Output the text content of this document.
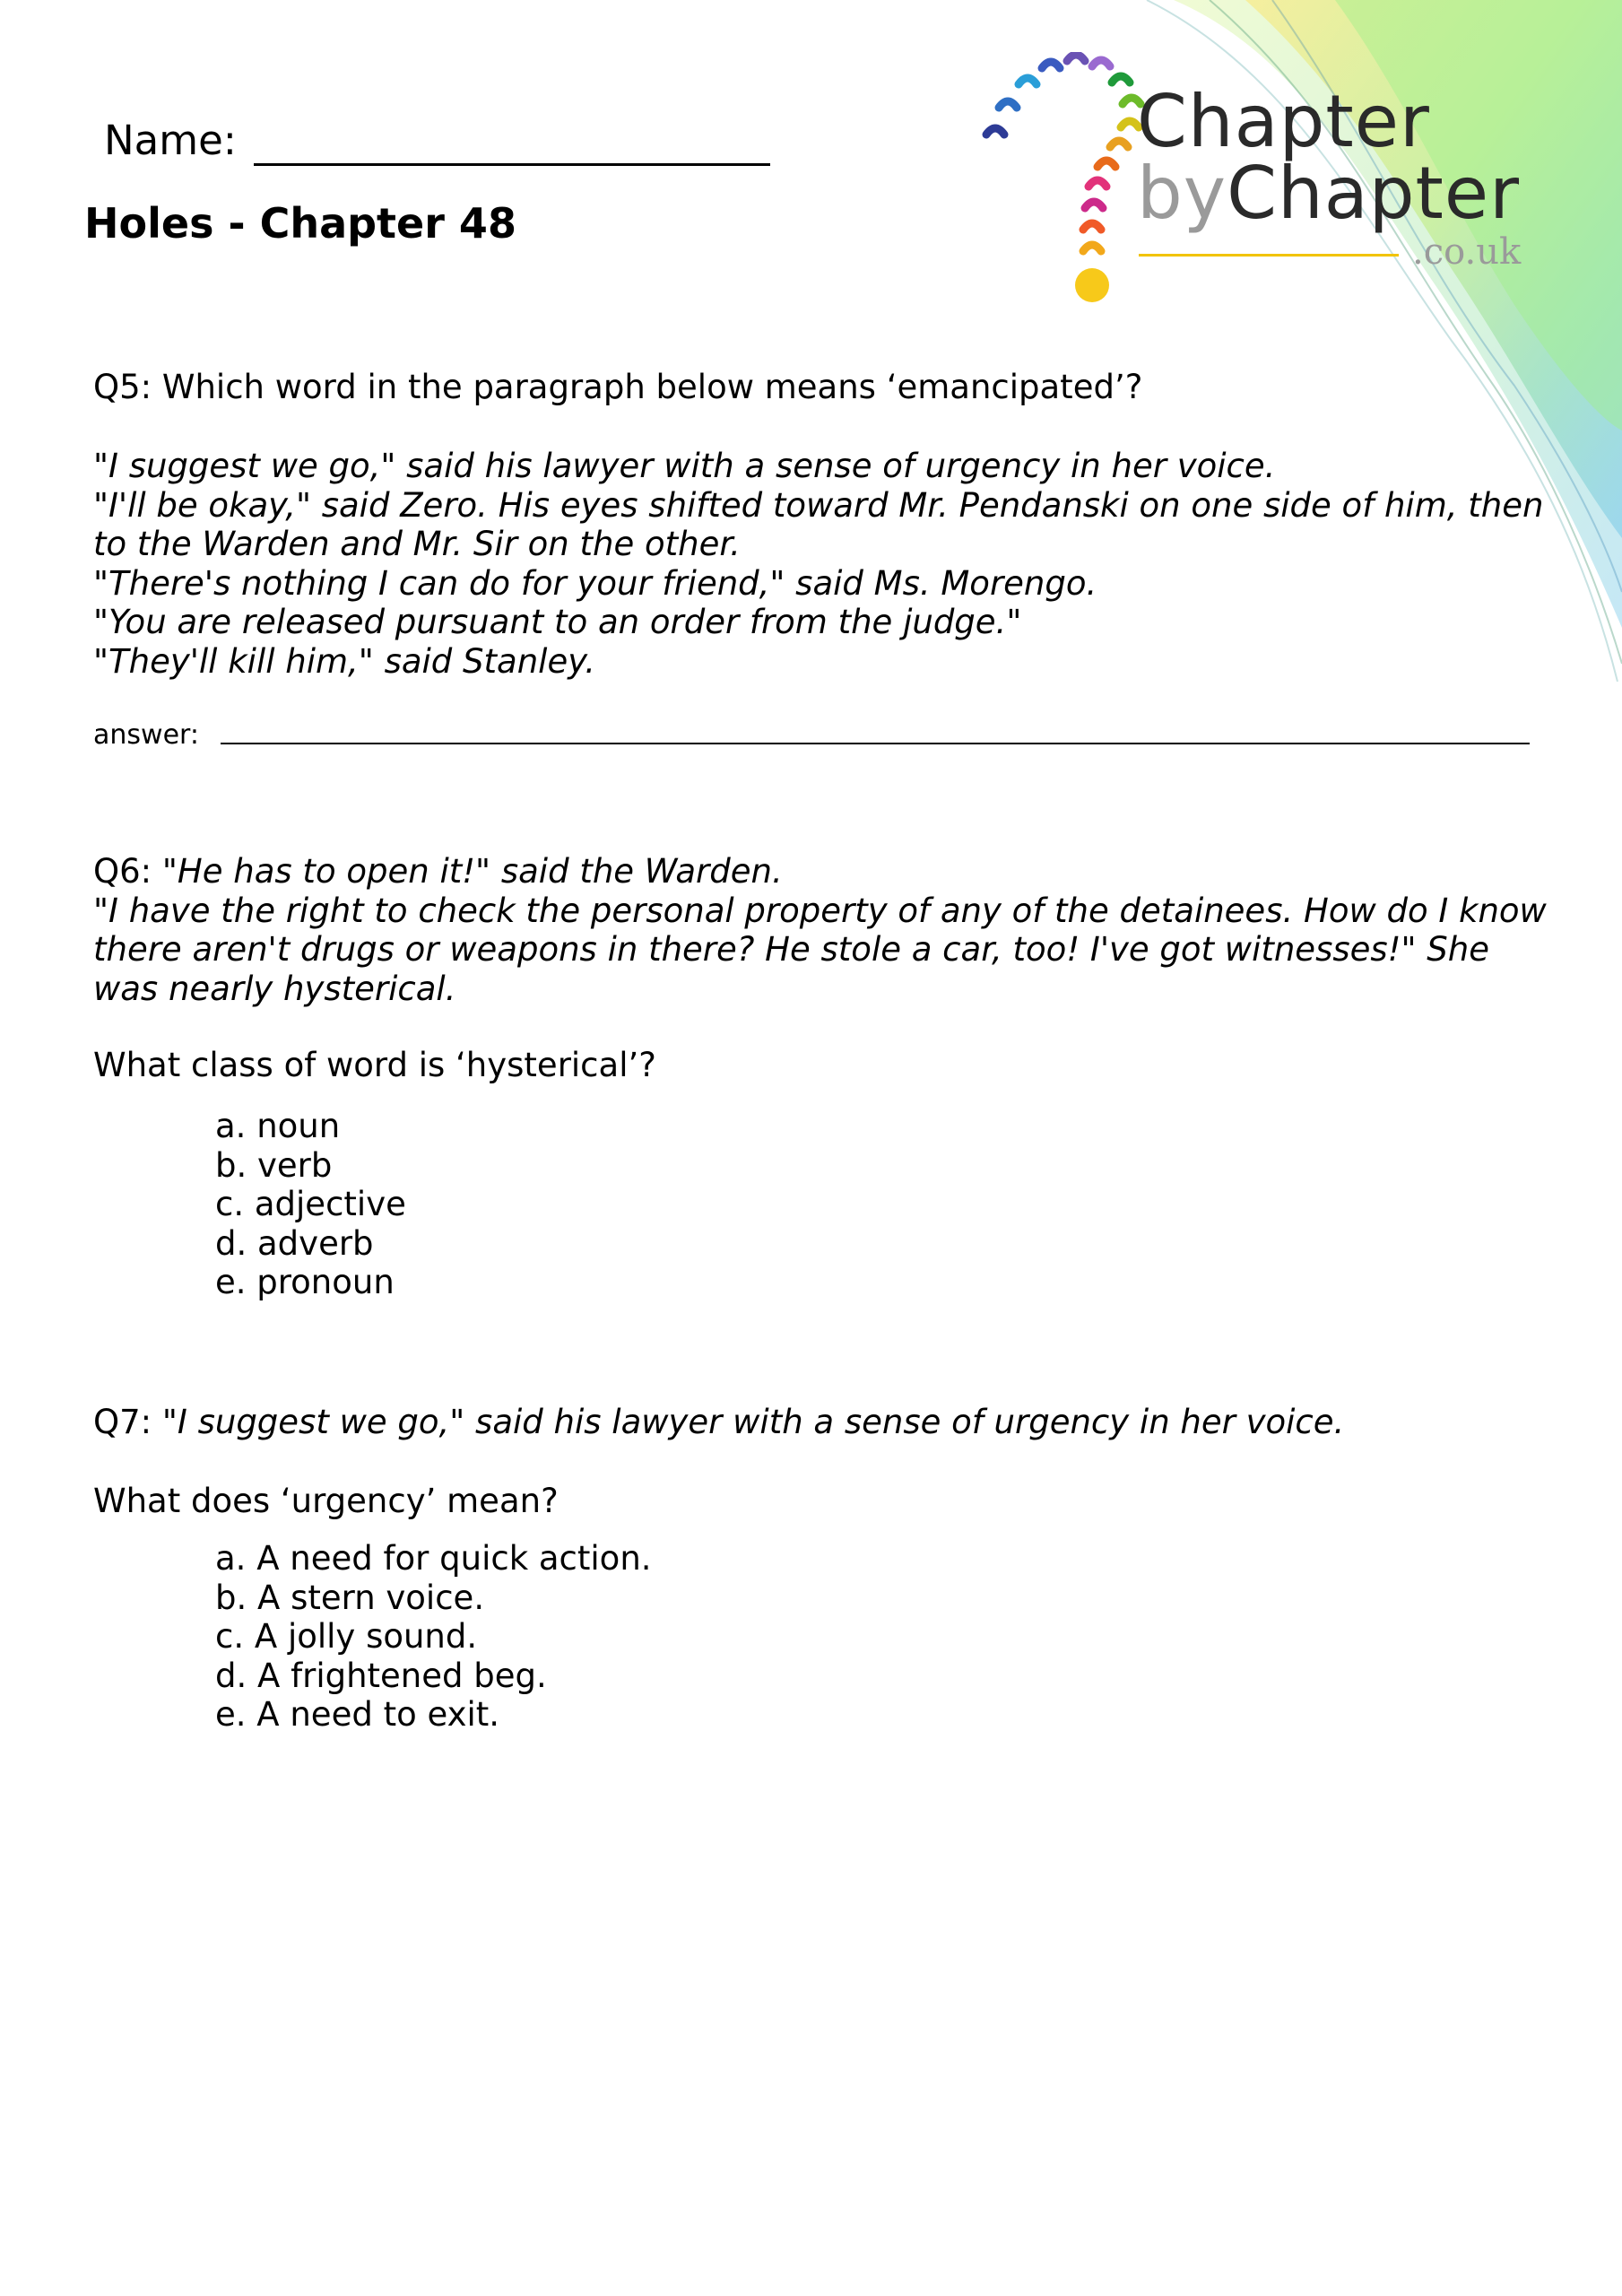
Chapter
byChapter
.co.uk
Name:
Holes - Chapter 48
Q5: Which word in the paragraph below means ‘emancipated’?
"I suggest we go," said his lawyer with a sense of urgency in her voice.
"I'll be okay," said Zero. His eyes shifted toward Mr. Pendanski on one side of him, then
to the Warden and Mr. Sir on the other.
"There's nothing I can do for your friend," said Ms. Morengo.
"You are released pursuant to an order from the judge."
"They'll kill him," said Stanley.
answer:
Q6: "He has to open it!" said the Warden.
"I have the right to check the personal property of any of the detainees. How do I know
there aren't drugs or weapons in there? He stole a car, too! I've got witnesses!" She
was nearly hysterical.
What class of word is ‘hysterical’?
a. noun
b. verb
c. adjective
d. adverb
e. pronoun
Q7: "I suggest we go," said his lawyer with a sense of urgency in her voice.
What does ‘urgency’ mean?
a. A need for quick action.
b. A stern voice.
c. A jolly sound.
d. A frightened beg.
e. A need to exit.
